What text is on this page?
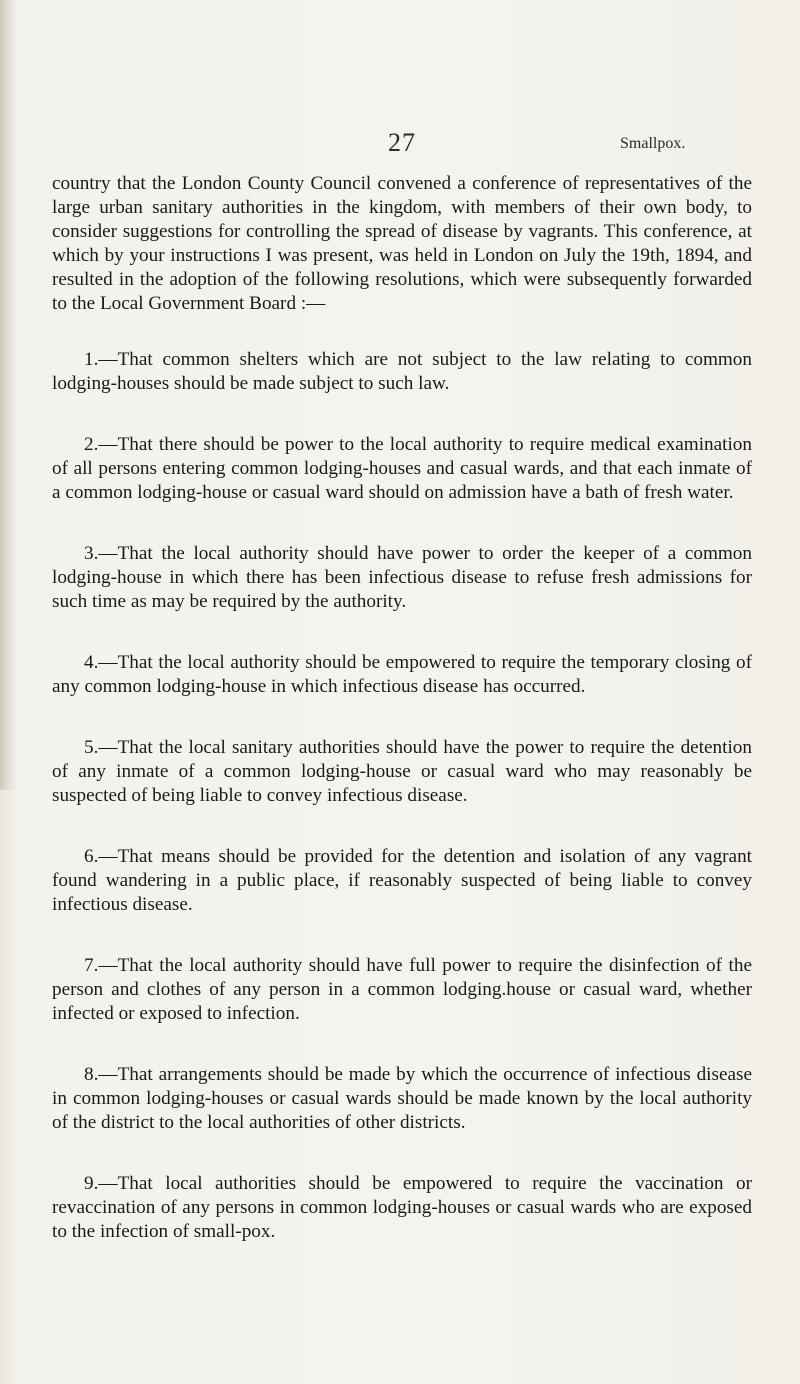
27	Smallpox.

country that the London County Council convened a conference of representatives of the large urban sanitary authorities in the kingdom, with members of their own body, to consider suggestions for controlling the spread of disease by vagrants. This conference, at which by your instructions I was present, was held in London on July the 19th, 1894, and resulted in the adoption of the following resolutions, which were subsequently forwarded to the Local Government Board :—

1.—That common shelters which are not subject to the law relating to common lodging-houses should be made subject to such law.

2.—That there should be power to the local authority to require medical examination of all persons entering common lodging-houses and casual wards, and that each inmate of a common lodging-house or casual ward should on admission have a bath of fresh water.

3.—That the local authority should have power to order the keeper of a common lodging-house in which there has been infectious disease to refuse fresh admissions for such time as may be required by the authority.

4.—That the local authority should be empowered to require the temporary closing of any common lodging-house in which infectious disease has occurred.

5.—That the local sanitary authorities should have the power to require the detention of any inmate of a common lodging-house or casual ward who may reasonably be suspected of being liable to convey infectious disease.

6.—That means should be provided for the detention and isolation of any vagrant found wandering in a public place, if reasonably suspected of being liable to convey infectious disease.

7.—That the local authority should have full power to require the disinfection of the person and clothes of any person in a common lodging.house or casual ward, whether infected or exposed to infection.

8.—That arrangements should be made by which the occurrence of infectious disease in common lodging-houses or casual wards should be made known by the local authority of the district to the local authorities of other districts.

9.—That local authorities should be empowered to require the vaccination or revaccination of any persons in common lodging-houses or casual wards who are exposed to the infection of small-pox.
